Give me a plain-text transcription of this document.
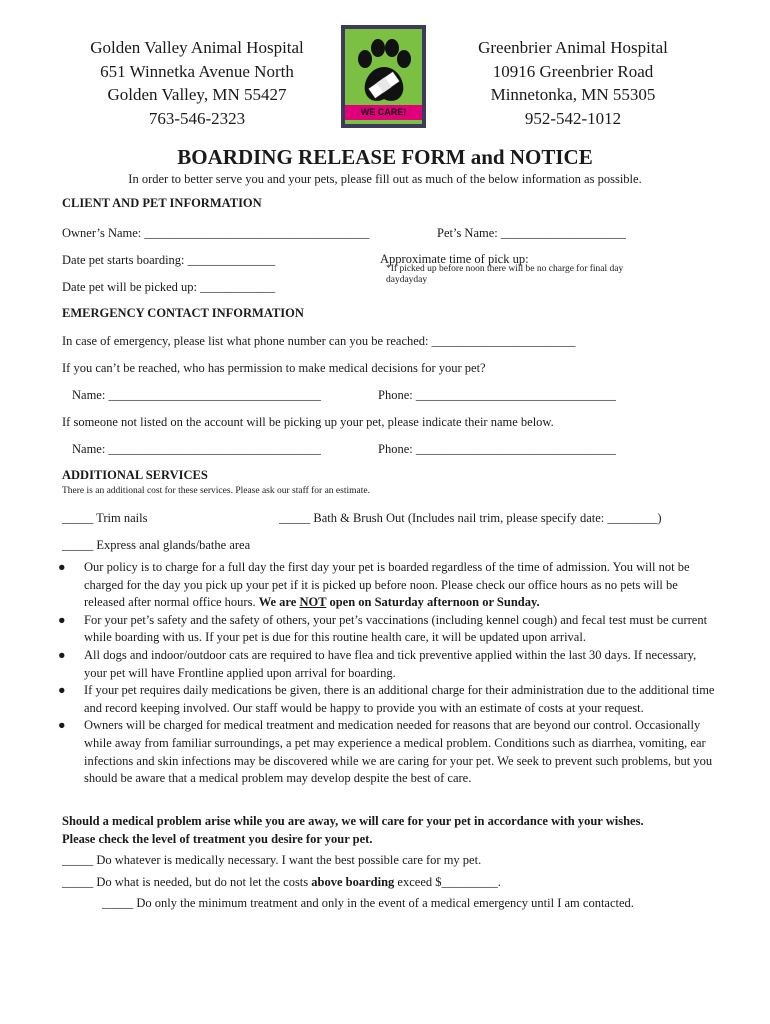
Golden Valley Animal Hospital
651 Winnetka Avenue North
Golden Valley, MN 55427
763-546-2323	WE CARE!
Greenbrier Animal Hospital
10916 Greenbrier Road
Minnetonka, MN 55305
952-542-1012
BOARDING RELEASE FORM and NOTICE
In order to better serve you and your pets, please fill out as much of the below information as possible.
CLIENT AND PET INFORMATION
Owner’s Name: ____________________________________	Pet’s Name: ____________________
Date pet starts boarding: ______________	Approximate time of pick up:
*If picked up before noon there will be no charge for final day
daydayday
Date pet will be picked up: ____________
EMERGENCY CONTACT INFORMATION
In case of emergency, please list what phone number can you be reached: _______________________
If you can’t be reached, who has permission to make medical decisions for your pet?
Name: __________________________________	Phone: ________________________________
If someone not listed on the account will be picking up your pet, please indicate their name below.
Name: __________________________________	Phone: ________________________________
ADDITIONAL SERVICES
There is an additional cost for these services. Please ask our staff for an estimate.
_____ Trim nails	_____ Bath & Brush Out (Includes nail trim, please specify date: ________)
_____ Express anal glands/bathe area
● Our policy is to charge for a full day the first day your pet is boarded regardless of the time of admission. You will not be charged for the day you pick up your pet if it is picked up before noon. Please check our office hours as no pets will be released after normal office hours. We are NOT open on Saturday afternoon or Sunday.
● For your pet’s safety and the safety of others, your pet’s vaccinations (including kennel cough) and fecal test must be current while boarding with us. If your pet is due for this routine health care, it will be updated upon arrival.
● All dogs and indoor/outdoor cats are required to have flea and tick preventive applied within the last 30 days. If necessary, your pet will have Frontline applied upon arrival for boarding.
● If your pet requires daily medications be given, there is an additional charge for their administration due to the additional time and record keeping involved. Our staff would be happy to provide you with an estimate of costs at your request.
● Owners will be charged for medical treatment and medication needed for reasons that are beyond our control. Occasionally while away from familiar surroundings, a pet may experience a medical problem. Conditions such as diarrhea, vomiting, ear infections and skin infections may be discovered while we are caring for your pet. We seek to prevent such problems, but you should be aware that a medical problem may develop despite the best of care.
Should a medical problem arise while you are away, we will care for your pet in accordance with your wishes.
Please check the level of treatment you desire for your pet.
_____ Do whatever is medically necessary. I want the best possible care for my pet.
_____ Do what is needed, but do not let the costs above boarding exceed $_________.
_____ Do only the minimum treatment and only in the event of a medical emergency until I am contacted.
